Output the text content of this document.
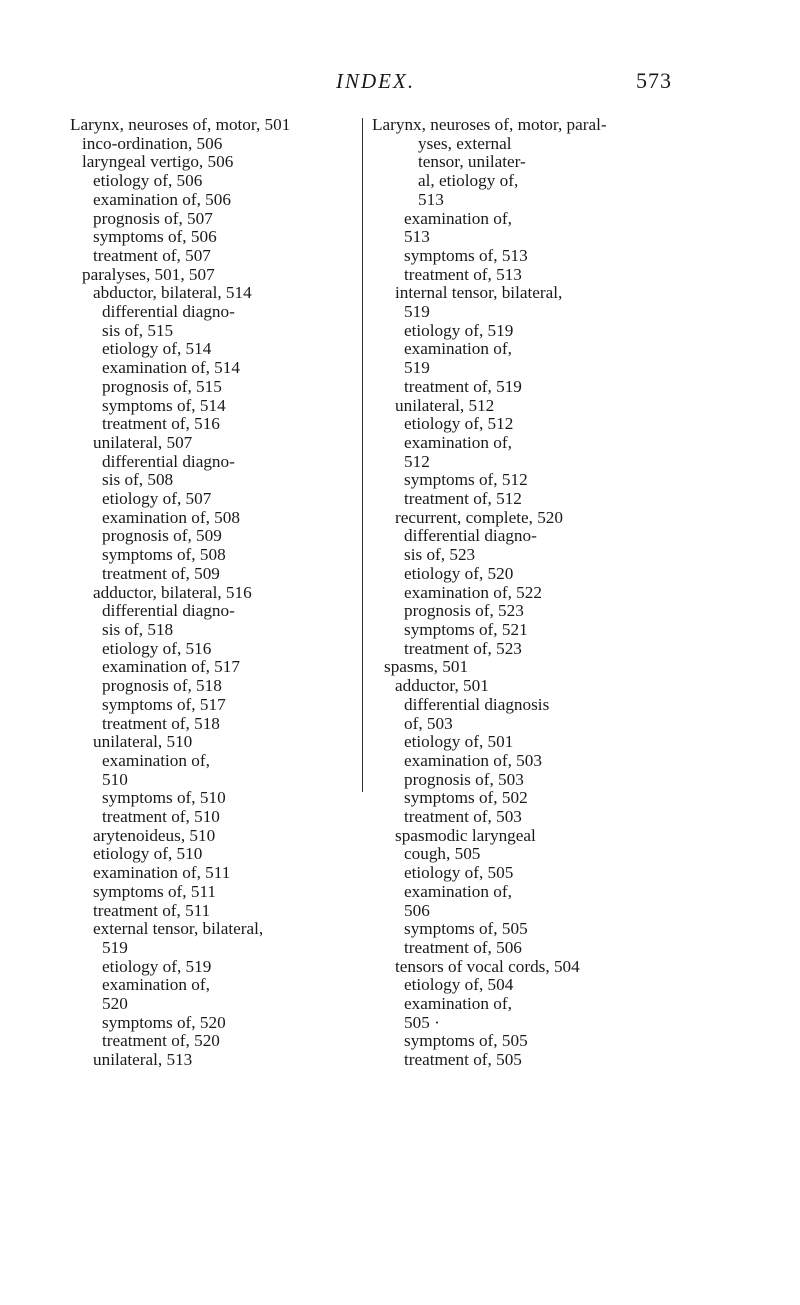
INDEX.	573
Larynx, neuroses of, motor, 501
inco-ordination, 506
laryngeal vertigo, 506
etiology of, 506
examination of, 506
prognosis of, 507
symptoms of, 506
treatment of, 507
paralyses, 501, 507
abductor, bilateral, 514
differential diagno-
sis of, 515
etiology of, 514
examination of, 514
prognosis of, 515
symptoms of, 514
treatment of, 516
unilateral, 507
differential diagno-
sis of, 508
etiology of, 507
examination of, 508
prognosis of, 509
symptoms of, 508
treatment of, 509
adductor, bilateral, 516
differential diagno-
sis of, 518
etiology of, 516
examination of, 517
prognosis of, 518
symptoms of, 517
treatment of, 518
unilateral, 510
examination of,
510
symptoms of, 510
treatment of, 510
arytenoideus, 510
etiology of, 510
examination of, 511
symptoms of, 511
treatment of, 511
external tensor, bilateral,
519
etiology of, 519
examination of,
520
symptoms of, 520
treatment of, 520
unilateral, 513
Larynx, neuroses of, motor, paral-
yses, external
tensor, unilater-
al, etiology of,
513
examination of,
513
symptoms of, 513
treatment of, 513
internal tensor, bilateral,
519
etiology of, 519
examination of,
519
treatment of, 519
unilateral, 512
etiology of, 512
examination of,
512
symptoms of, 512
treatment of, 512
recurrent, complete, 520
differential diagno-
sis of, 523
etiology of, 520
examination of, 522
prognosis of, 523
symptoms of, 521
treatment of, 523
spasms, 501
adductor, 501
differential diagnosis
of, 503
etiology of, 501
examination of, 503
prognosis of, 503
symptoms of, 502
treatment of, 503
spasmodic laryngeal
cough, 505
etiology of, 505
examination of,
506
symptoms of, 505
treatment of, 506
tensors of vocal cords, 504
etiology of, 504
examination of,
505 ·
symptoms of, 505
treatment of, 505
